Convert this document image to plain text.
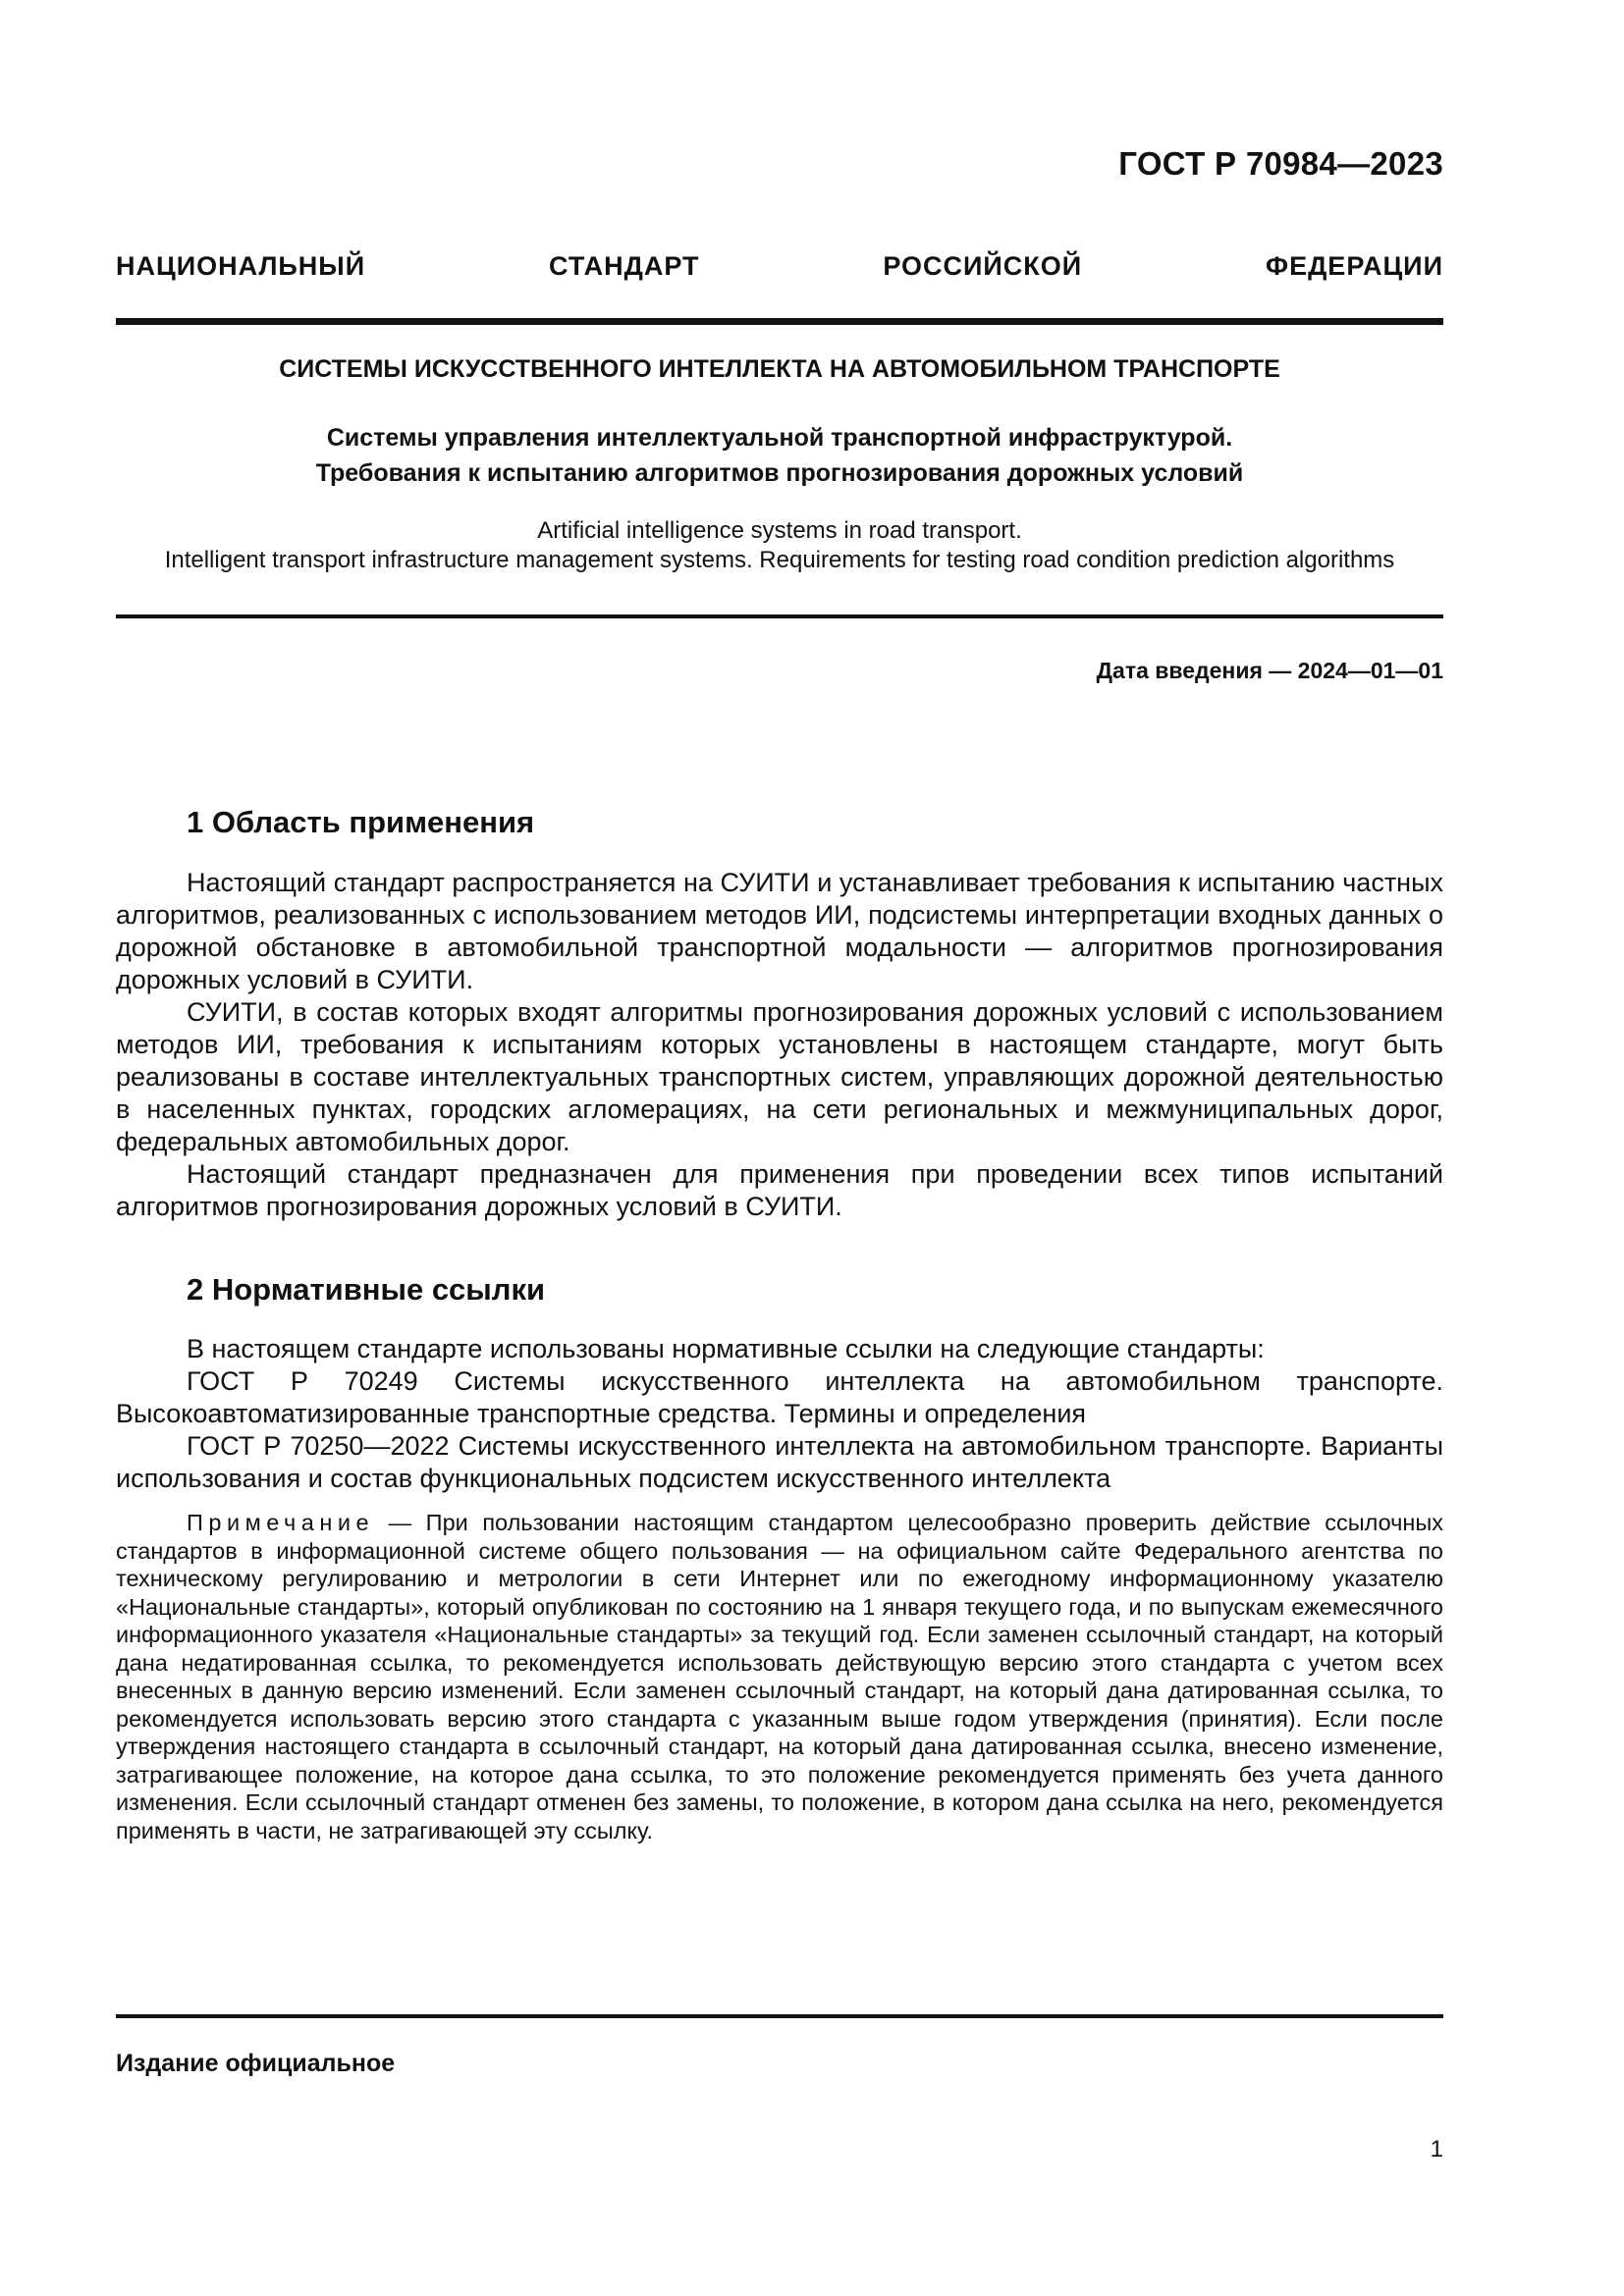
ГОСТ Р 70984—2023
НАЦИОНАЛЬНЫЙ СТАНДАРТ РОССИЙСКОЙ ФЕДЕРАЦИИ
СИСТЕМЫ ИСКУССТВЕННОГО ИНТЕЛЛЕКТА НА АВТОМОБИЛЬНОМ ТРАНСПОРТЕ
Системы управления интеллектуальной транспортной инфраструктурой.
Требования к испытанию алгоритмов прогнозирования дорожных условий
Artificial intelligence systems in road transport.
Intelligent transport infrastructure management systems. Requirements for testing road condition prediction algorithms
Дата введения — 2024—01—01
1 Область применения

Настоящий стандарт распространяется на СУИТИ и устанавливает требования к испытанию частных алгоритмов, реализованных с использованием методов ИИ, подсистемы интерпретации входных данных о дорожной обстановке в автомобильной транспортной модальности — алгоритмов прогнозирования дорожных условий в СУИТИ.

СУИТИ, в состав которых входят алгоритмы прогнозирования дорожных условий с использованием методов ИИ, требования к испытаниям которых установлены в настоящем стандарте, могут быть реализованы в составе интеллектуальных транспортных систем, управляющих дорожной деятельностью в населенных пунктах, городских агломерациях, на сети региональных и межмуниципальных дорог, федеральных автомобильных дорог.

Настоящий стандарт предназначен для применения при проведении всех типов испытаний алгоритмов прогнозирования дорожных условий в СУИТИ.

2 Нормативные ссылки

В настоящем стандарте использованы нормативные ссылки на следующие стандарты:

ГОСТ Р 70249 Системы искусственного интеллекта на автомобильном транспорте. Высокоавтоматизированные транспортные средства. Термины и определения

ГОСТ Р 70250—2022 Системы искусственного интеллекта на автомобильном транспорте. Варианты использования и состав функциональных подсистем искусственного интеллекта

Примечание — При пользовании настоящим стандартом целесообразно проверить действие ссылочных стандартов в информационной системе общего пользования — на официальном сайте Федерального агентства по техническому регулированию и метрологии в сети Интернет или по ежегодному информационному указателю «Национальные стандарты», который опубликован по состоянию на 1 января текущего года, и по выпускам ежемесячного информационного указателя «Национальные стандарты» за текущий год. Если заменен ссылочный стандарт, на который дана недатированная ссылка, то рекомендуется использовать действующую версию этого стандарта с учетом всех внесенных в данную версию изменений. Если заменен ссылочный стандарт, на который дана датированная ссылка, то рекомендуется использовать версию этого стандарта с указанным выше годом утверждения (принятия). Если после утверждения настоящего стандарта в ссылочный стандарт, на который дана датированная ссылка, внесено изменение, затрагивающее положение, на которое дана ссылка, то это положение рекомендуется применять без учета данного изменения. Если ссылочный стандарт отменен без замены, то положение, в котором дана ссылка на него, рекомендуется применять в части, не затрагивающей эту ссылку.

Издание официальное
1
